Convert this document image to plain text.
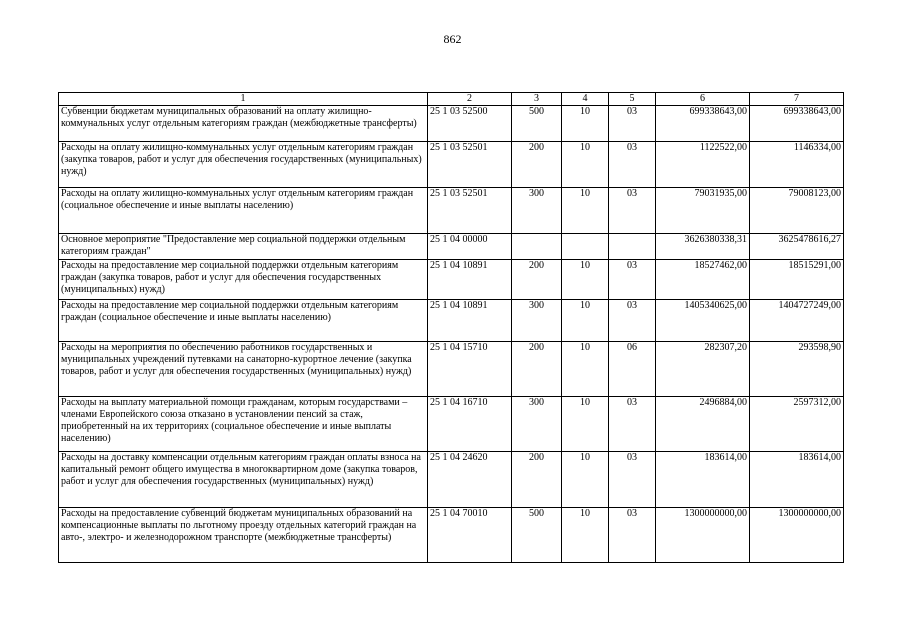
862
1	2	3	4	5	6	7
Субвенции бюджетам муниципальных образований на оплату жилищно-коммунальных услуг отдельным категориям граждан (межбюджетные трансферты)	25 1 03 52500	500	10	03	699338643,00	699338643,00
Расходы на оплату жилищно-коммунальных услуг отдельным категориям граждан (закупка товаров, работ и услуг для обеспечения государственных (муниципальных) нужд)	25 1 03 52501	200	10	03	1122522,00	1146334,00
Расходы на оплату жилищно-коммунальных услуг отдельным категориям граждан (социальное обеспечение и иные выплаты населению)	25 1 03 52501	300	10	03	79031935,00	79008123,00
Основное мероприятие "Предоставление мер социальной поддержки отдельным категориям граждан"	25 1 04 00000				3626380338,31	3625478616,27
Расходы на предоставление мер социальной поддержки отдельным категориям граждан (закупка товаров, работ и услуг для обеспечения государственных (муниципальных) нужд)	25 1 04 10891	200	10	03	18527462,00	18515291,00
Расходы на предоставление мер социальной поддержки отдельным категориям граждан (социальное обеспечение и иные выплаты населению)	25 1 04 10891	300	10	03	1405340625,00	1404727249,00
Расходы на мероприятия по обеспечению работников государственных и муниципальных учреждений путевками на санаторно-курортное лечение (закупка товаров, работ и услуг для обеспечения государственных (муниципальных) нужд)	25 1 04 15710	200	10	06	282307,20	293598,90
Расходы на выплату материальной помощи гражданам, которым государствами – членами Европейского союза отказано в установлении пенсий за стаж, приобретенный на их территориях (социальное обеспечение и иные выплаты населению)	25 1 04 16710	300	10	03	2496884,00	2597312,00
Расходы на доставку компенсации отдельным категориям граждан оплаты взноса на капитальный ремонт общего имущества в многоквартирном доме (закупка товаров, работ и услуг для обеспечения государственных (муниципальных) нужд)	25 1 04 24620	200	10	03	183614,00	183614,00
Расходы на предоставление субвенций бюджетам муниципальных образований на компенсационные выплаты по льготному проезду отдельных категорий граждан на авто-, электро- и железнодорожном транспорте (межбюджетные трансферты)	25 1 04 70010	500	10	03	1300000000,00	1300000000,00
